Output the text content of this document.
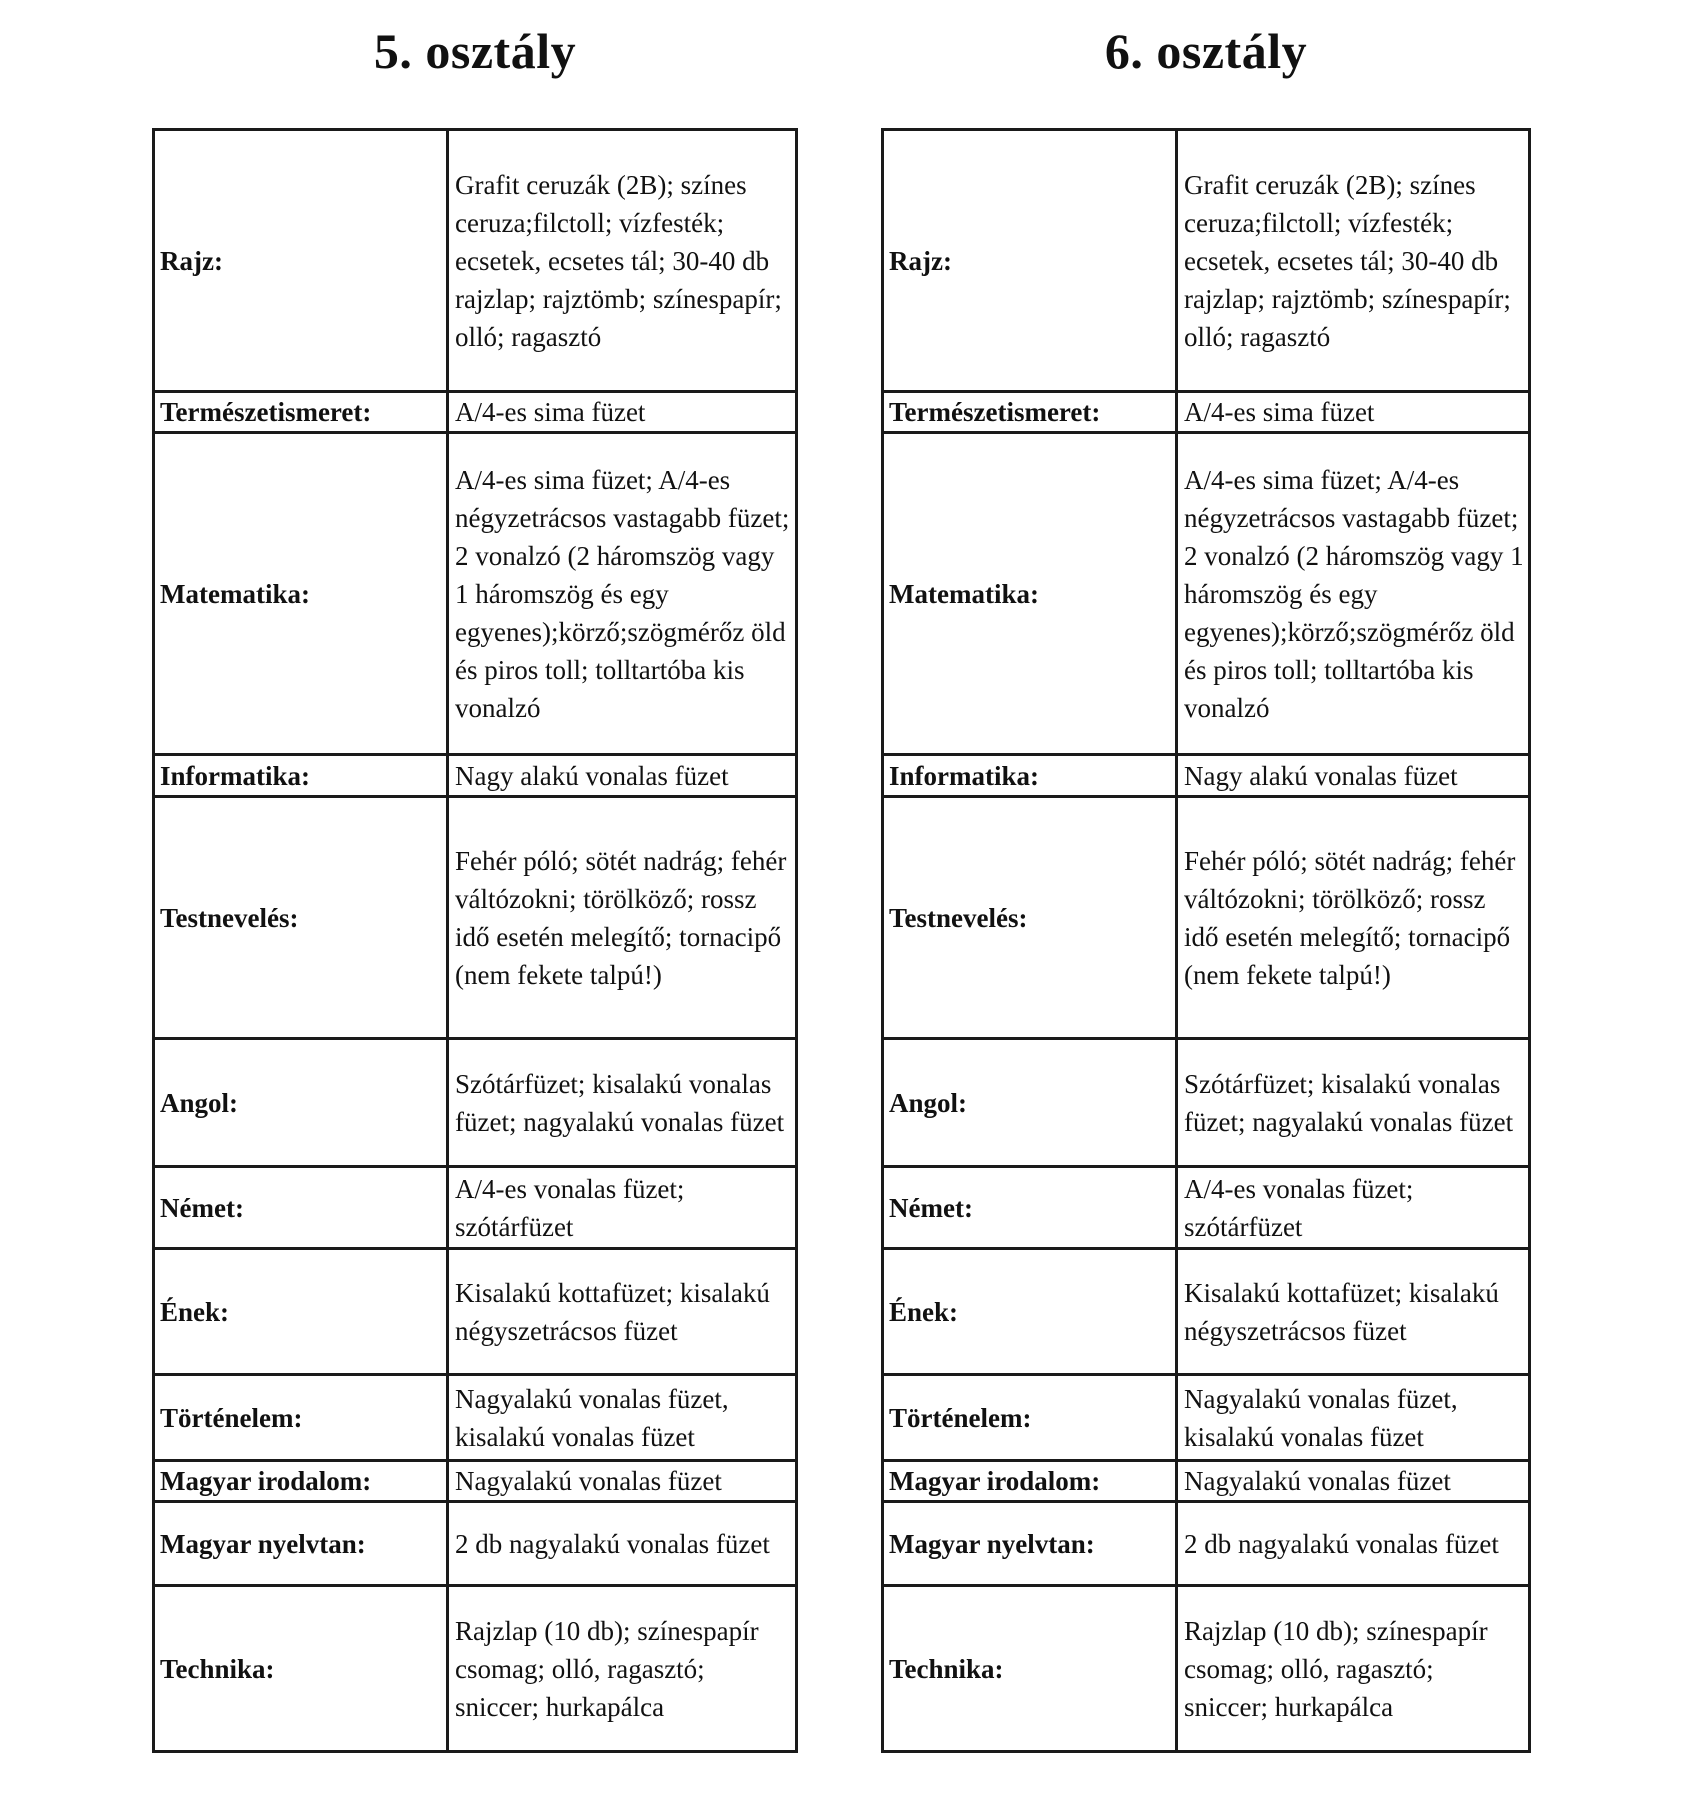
5. osztály
Rajz:	Grafit ceruzák (2B); színes ceruza;filctoll; vízfesték; ecsetek, ecsetes tál; 30-40 db rajzlap; rajztömb; színespapír; olló; ragasztó
Természetismeret:	A/4-es sima füzet
Matematika:	A/4-es sima füzet; A/4-es négyzetrácsos vastagabb füzet; 2 vonalzó (2 háromszög vagy 1 háromszög és egy egyenes);körző;szögmérőz öld és piros toll; tolltartóba kis vonalzó
Informatika:	Nagy alakú vonalas füzet
Testnevelés:	Fehér póló; sötét nadrág; fehér váltózokni; törölköző; rossz idő esetén melegítő; tornacipő (nem fekete talpú!)
Angol:	Szótárfüzet; kisalakú vonalas füzet; nagyalakú vonalas füzet
Német:	A/4-es vonalas füzet; szótárfüzet
Ének:	Kisalakú kottafüzet; kisalakú négyszetrácsos füzet
Történelem:	Nagyalakú vonalas füzet, kisalakú vonalas füzet
Magyar irodalom:	Nagyalakú vonalas füzet
Magyar nyelvtan:	2 db nagyalakú vonalas füzet
Technika:	Rajzlap (10 db); színespapír csomag; olló, ragasztó; sniccer; hurkapálca
6. osztály
Rajz:	Grafit ceruzák (2B); színes ceruza;filctoll; vízfesték; ecsetek, ecsetes tál; 30-40 db rajzlap; rajztömb; színespapír; olló; ragasztó
Természetismeret:	A/4-es sima füzet
Matematika:	A/4-es sima füzet; A/4-es négyzetrácsos vastagabb füzet; 2 vonalzó (2 háromszög vagy 1 háromszög és egy egyenes);körző;szögmérőz öld és piros toll; tolltartóba kis vonalzó
Informatika:	Nagy alakú vonalas füzet
Testnevelés:	Fehér póló; sötét nadrág; fehér váltózokni; törölköző; rossz idő esetén melegítő; tornacipő (nem fekete talpú!)
Angol:	Szótárfüzet; kisalakú vonalas füzet; nagyalakú vonalas füzet
Német:	A/4-es vonalas füzet; szótárfüzet
Ének:	Kisalakú kottafüzet; kisalakú négyszetrácsos füzet
Történelem:	Nagyalakú vonalas füzet, kisalakú vonalas füzet
Magyar irodalom:	Nagyalakú vonalas füzet
Magyar nyelvtan:	2 db nagyalakú vonalas füzet
Technika:	Rajzlap (10 db); színespapír csomag; olló, ragasztó; sniccer; hurkapálca
